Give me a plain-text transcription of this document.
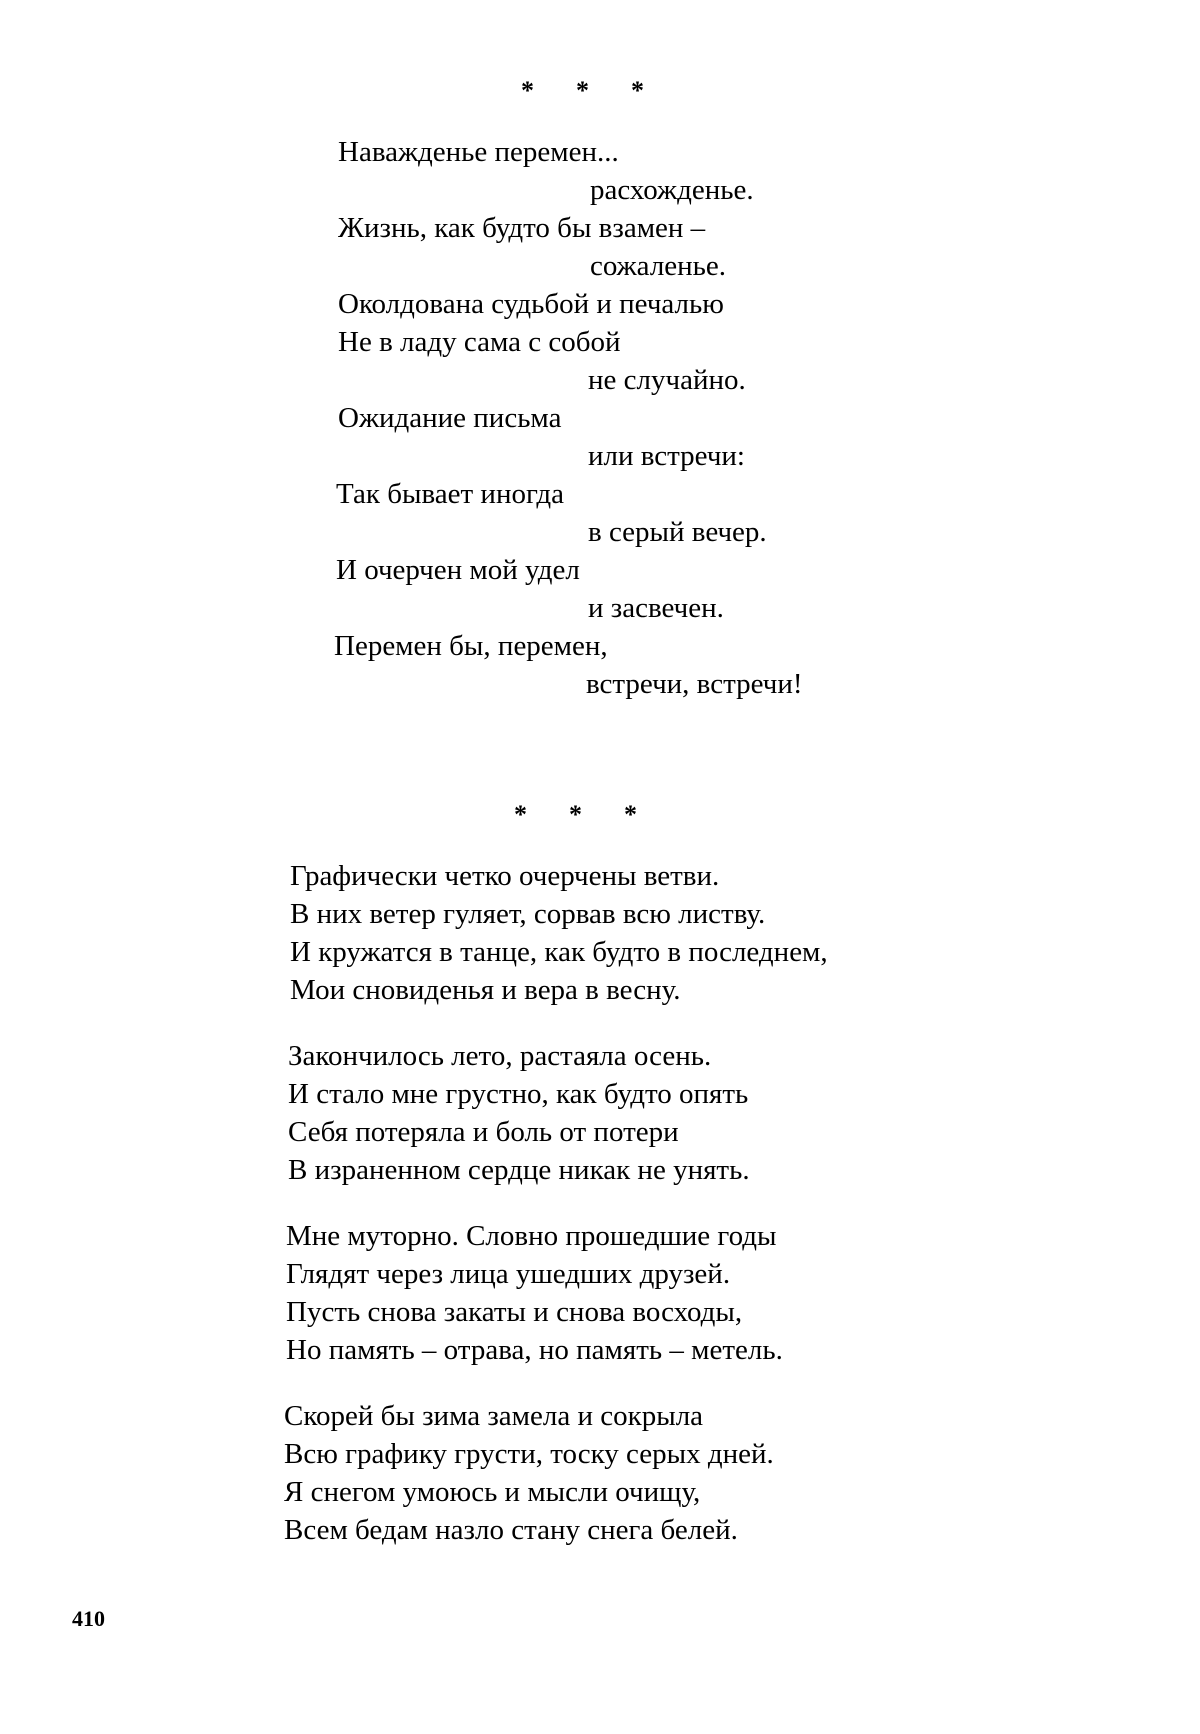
* * *
Наважденье перемен...
расхожденье.
Жизнь, как будто бы взамен –
сожаленье.
Околдована судьбой и печалью
Не в ладу сама с собой
не случайно.
Ожидание письма
или встречи:
Так бывает иногда
в серый вечер.
И очерчен мой удел
и засвечен.
Перемен бы, перемен,
встречи, встречи!
* * *
Графически четко очерчены ветви.
В них ветер гуляет, сорвав всю листву.
И кружатся в танце, как будто в последнем,
Мои сновиденья и вера в весну.
Закончилось лето, растаяла осень.
И стало мне грустно, как будто опять
Себя потеряла и боль от потери
В израненном сердце никак не унять.
Мне муторно. Словно прошедшие годы
Глядят через лица ушедших друзей.
Пусть снова закаты и снова восходы,
Но память – отрава, но память – метель.
Скорей бы зима замела и сокрыла
Всю графику грусти, тоску серых дней.
Я снегом умоюсь и мысли очищу,
Всем бедам назло стану снега белей.
410
